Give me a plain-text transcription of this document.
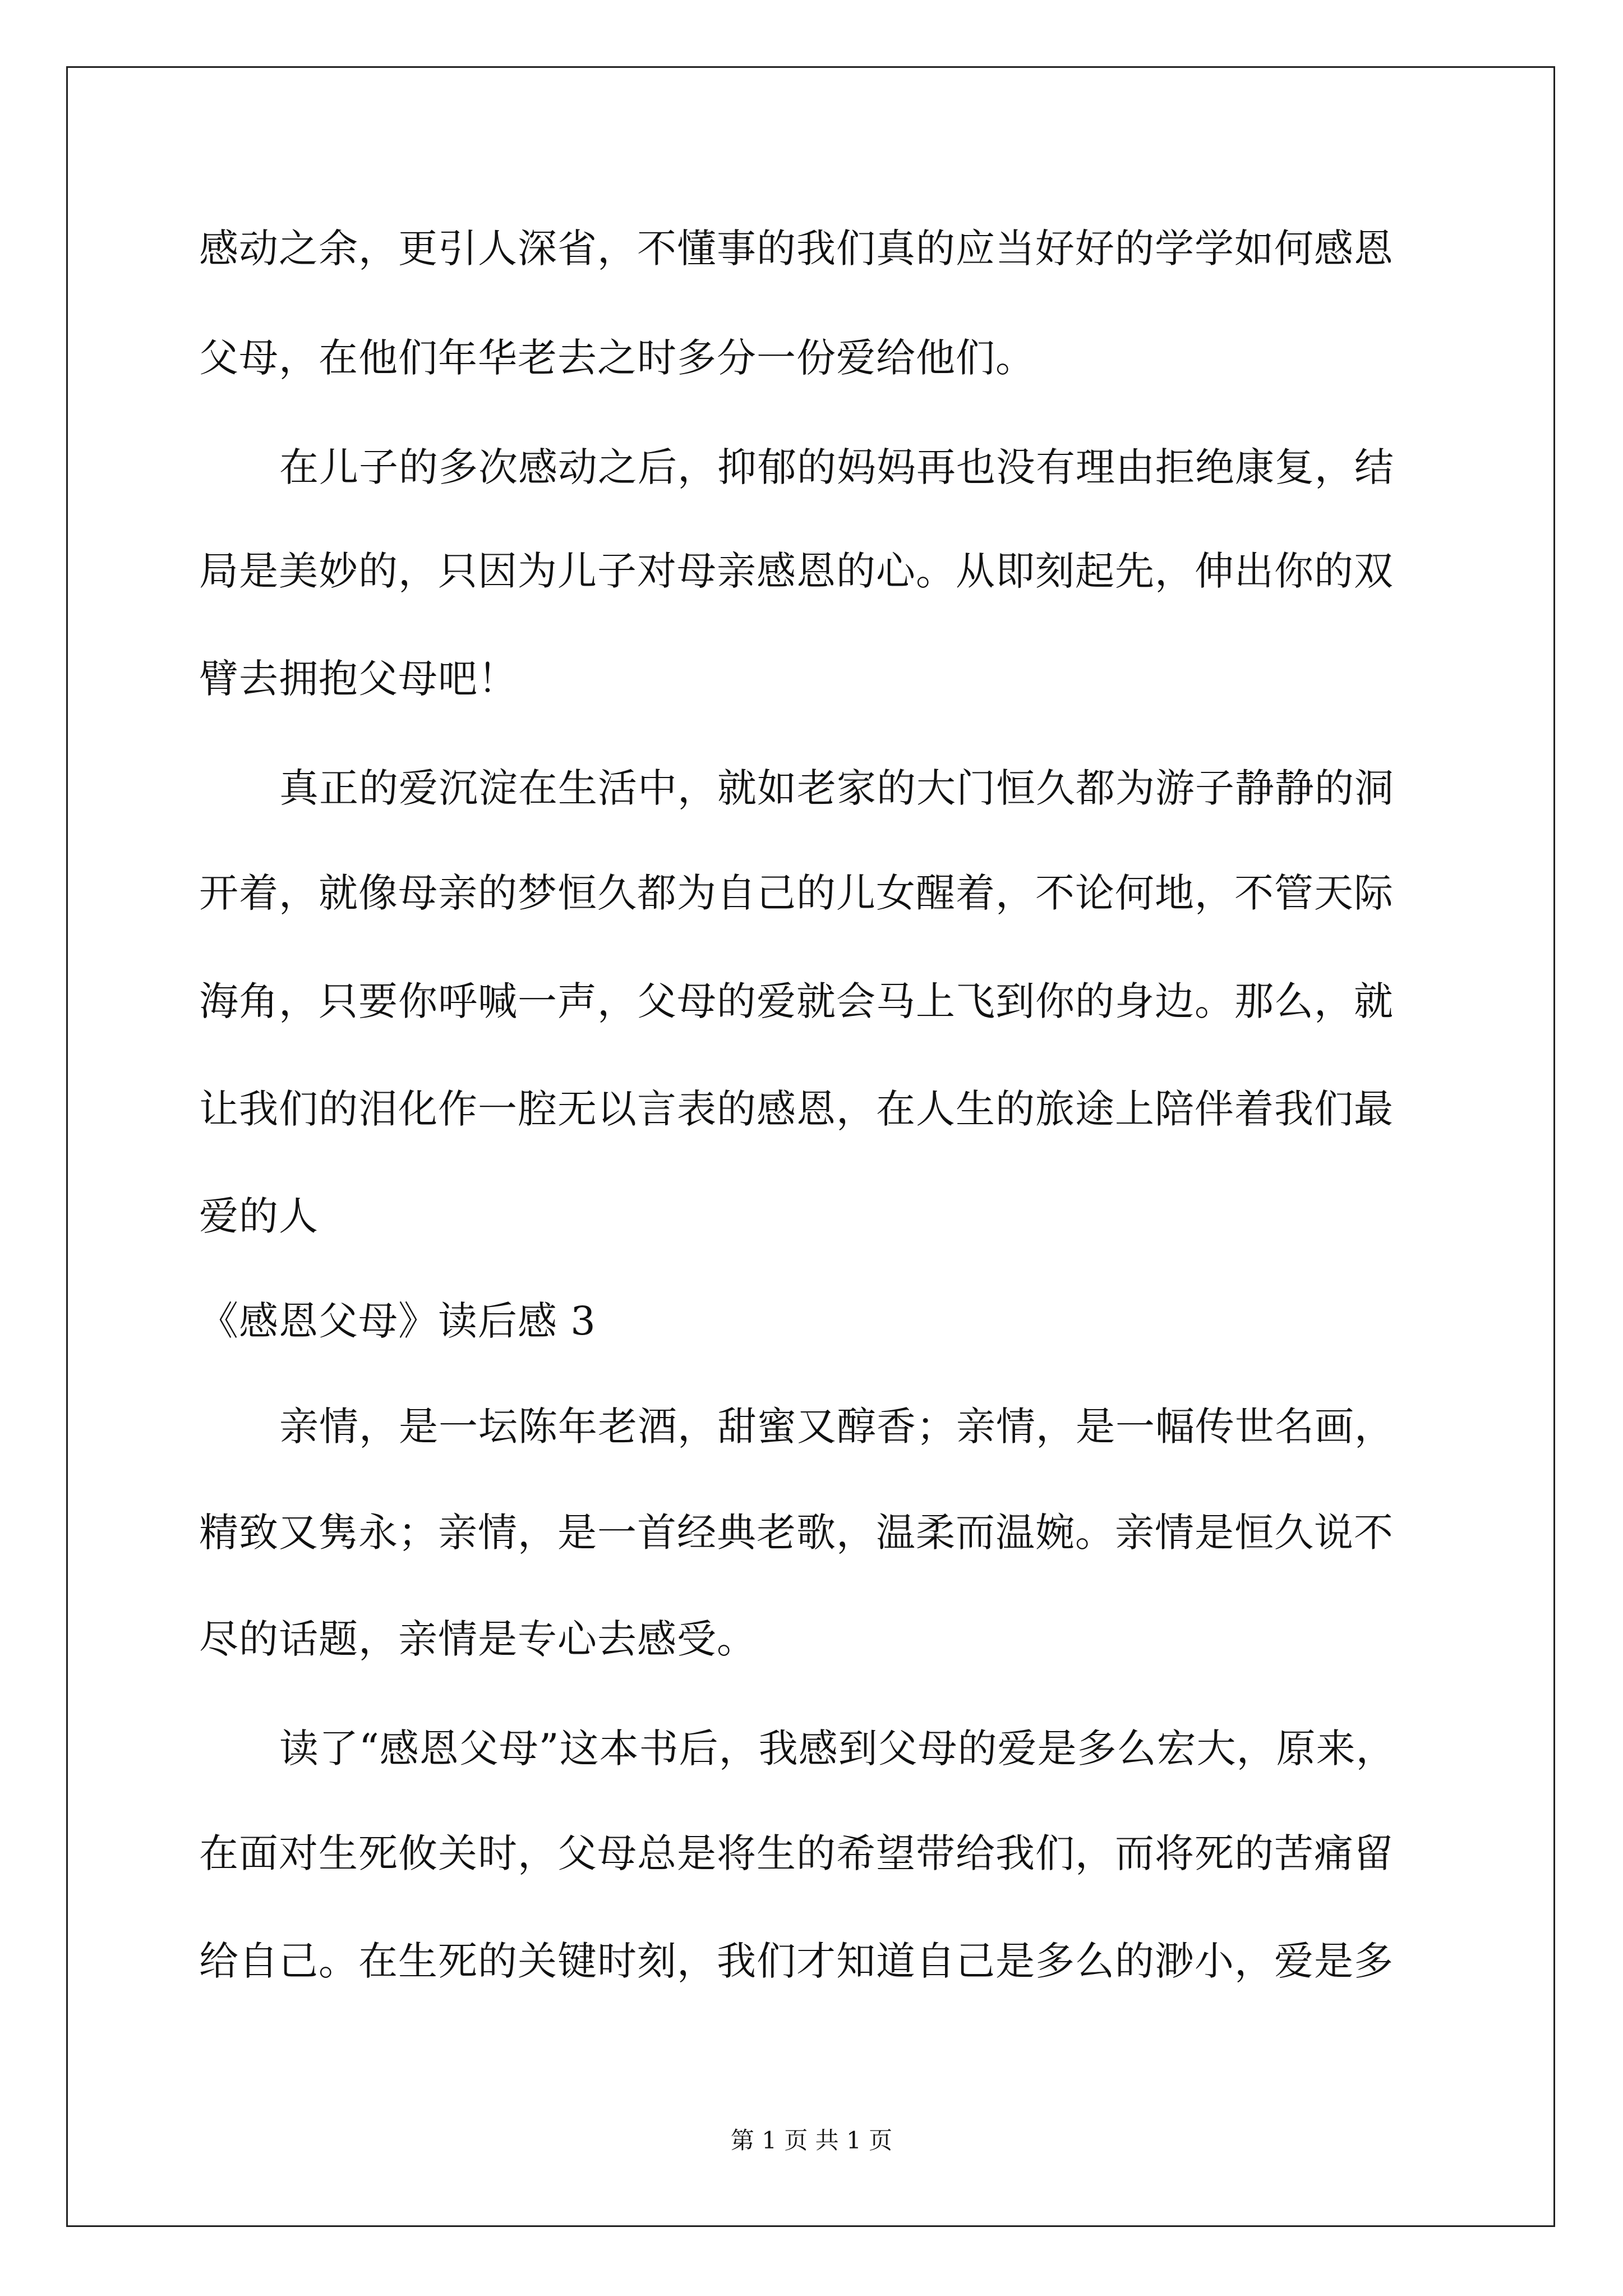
感动之余，更引人深省，不懂事的我们真的应当好好的学学如何感恩

父母，在他们年华老去之时多分一份爱给他们。

在儿子的多次感动之后，抑郁的妈妈再也没有理由拒绝康复，结

局是美妙的，只因为儿子对母亲感恩的心。从即刻起先，伸出你的双

臂去拥抱父母吧！

真正的爱沉淀在生活中，就如老家的大门恒久都为游子静静的洞

开着，就像母亲的梦恒久都为自己的儿女醒着，不论何地，不管天际

海角，只要你呼喊一声，父母的爱就会马上飞到你的身边。那么，就

让我们的泪化作一腔无以言表的感恩，在人生的旅途上陪伴着我们最

爱的人

《感恩父母》读后感 3

亲情，是一坛陈年老酒，甜蜜又醇香；亲情，是一幅传世名画，

精致又隽永；亲情，是一首经典老歌，温柔而温婉。亲情是恒久说不

尽的话题，亲情是专心去感受。

读了“感恩父母”这本书后，我感到父母的爱是多么宏大，原来，

在面对生死攸关时，父母总是将生的希望带给我们，而将死的苦痛留

给自己。在生死的关键时刻，我们才知道自己是多么的渺小，爱是多

第 1 页 共 1 页
